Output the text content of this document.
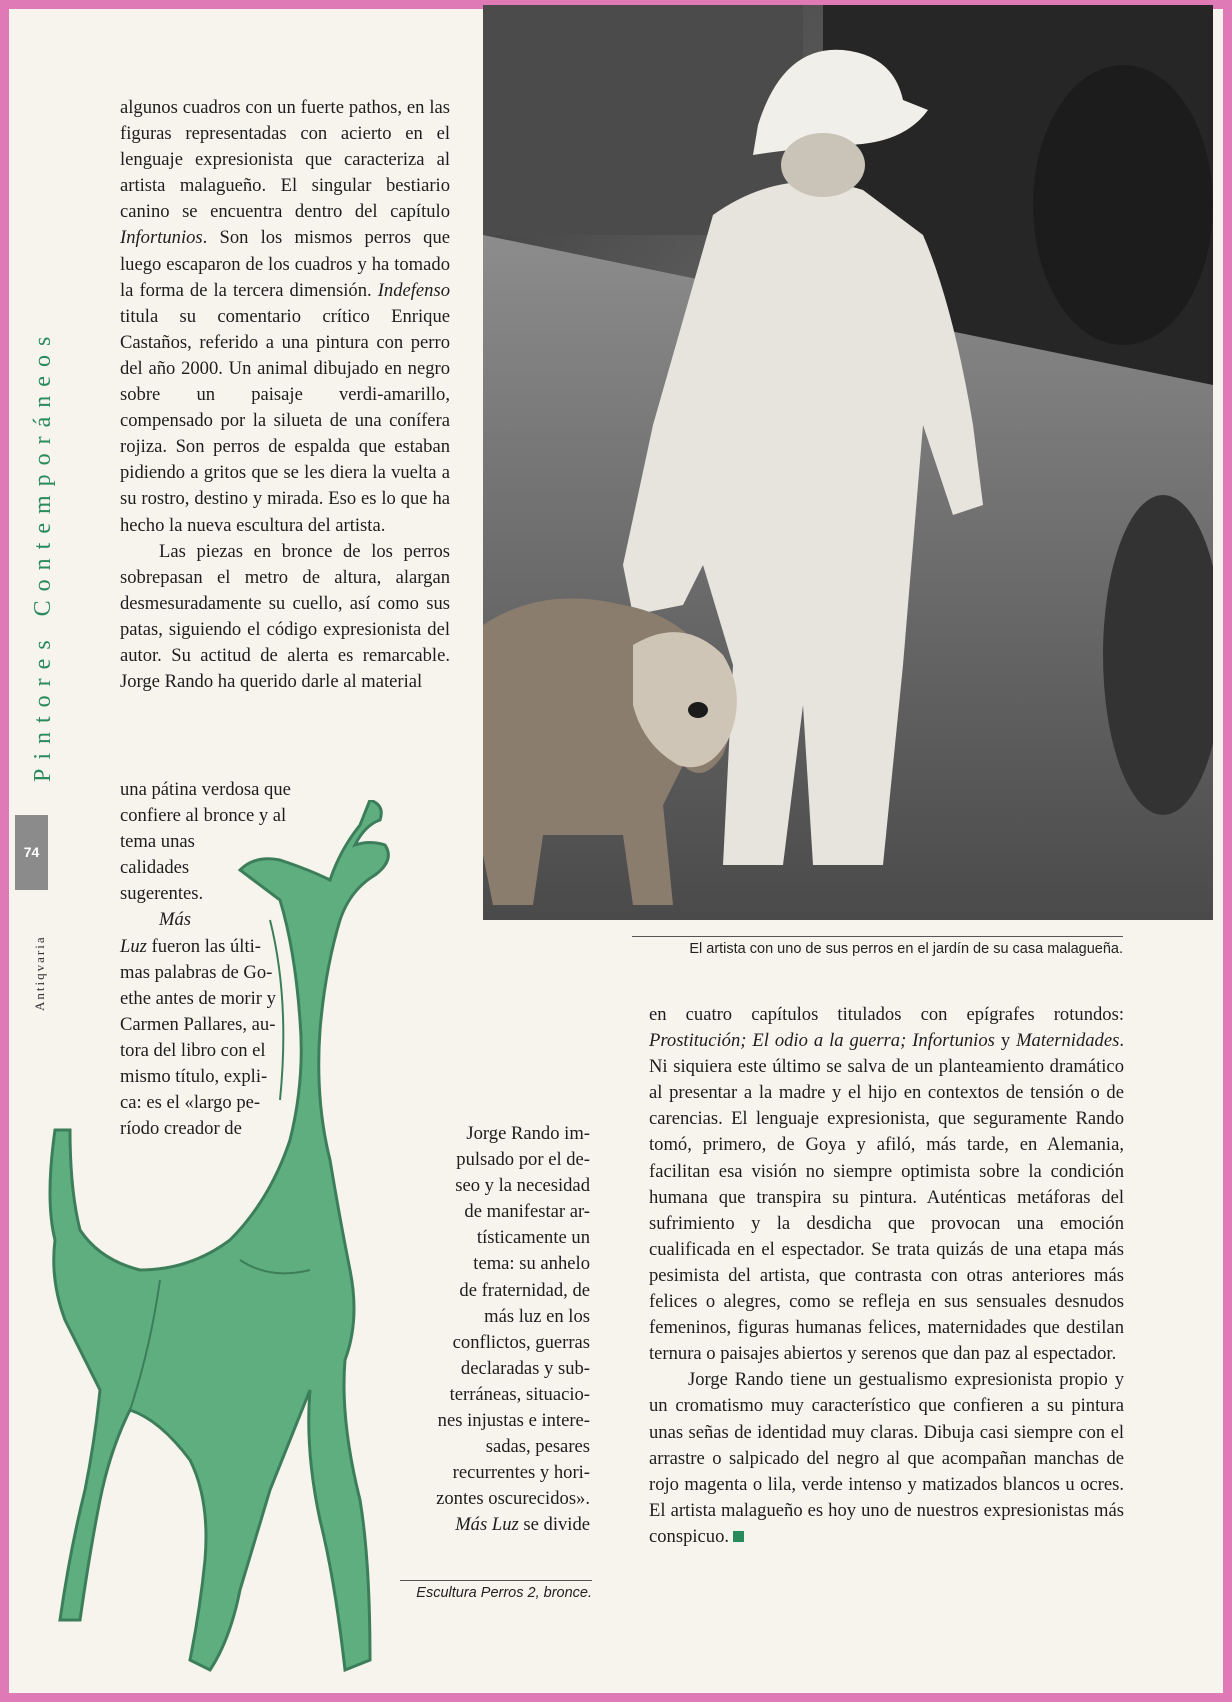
Pintores Contemporáneos
74
Antiqvaria

algunos cuadros con un fuerte pathos, en las figuras representadas con acierto en el lenguaje expresionista que caracteriza al artista malagueño. El singular bestiario canino se encuentra dentro del capítulo Infortunios. Son los mismos perros que luego escaparon de los cuadros y ha tomado la forma de la tercera dimensión. Indefenso titula su comentario crítico Enrique Castaños, referido a una pintura con perro del año 2000. Un animal dibujado en negro sobre un paisaje verdi-amarillo, compensado por la silueta de una conífera rojiza. Son perros de espalda que estaban pidiendo a gritos que se les diera la vuelta a su rostro, destino y mirada. Eso es lo que ha hecho la nueva escultura del artista.

Las piezas en bronce de los perros sobrepasan el metro de altura, alargan desmesuradamente su cuello, así como sus patas, siguiendo el código expresionista del autor. Su actitud de alerta es remarcable. Jorge Rando ha querido darle al material

una pátina verdosa que

confiere al bronce y al

tema unas

calidades

sugerentes.

Más

Luz fueron las últi-

mas palabras de Go-

ethe antes de morir y

Carmen Pallares, au-

tora del libro con el

mismo título, expli-

ca: es el «largo pe-

ríodo creador de	Jorge Rando im-

pulsado por el de-

seo y la necesidad

de manifestar ar-

tísticamente un

tema: su anhelo

de fraternidad, de

más luz en los

conflictos, guerras

declaradas y sub-

terráneas, situacio-

nes injustas e intere-

sadas, pesares

recurrentes y hori-

zontes oscurecidos».

Más Luz se divide

en cuatro capítulos titulados con epígrafes rotundos: Prostitución; El odio a la guerra; Infortunios y Maternidades. Ni siquiera este último se salva de un planteamiento dramático al presentar a la madre y el hijo en contextos de tensión o de carencias. El lenguaje expresionista, que seguramente Rando tomó, primero, de Goya y afiló, más tarde, en Alemania, facilitan esa visión no siempre optimista sobre la condición humana que transpira su pintura. Auténticas metáforas del sufrimiento y la desdicha que provocan una emoción cualificada en el espectador. Se trata quizás de una etapa más pesimista del artista, que contrasta con otras anteriores más felices o alegres, como se refleja en sus sensuales desnudos femeninos, figuras humanas felices, maternidades que destilan ternura o paisajes abiertos y serenos que dan paz al espectador.

Jorge Rando tiene un gestualismo expresionista propio y un cromatismo muy característico que confieren a su pintura unas señas de identidad muy claras. Dibuja casi siempre con el arrastre o salpicado del negro al que acompañan manchas de rojo magenta o lila, verde intenso y matizados blancos u ocres. El artista malagueño es hoy uno de nuestros expresionistas más conspicuo.

El artista con uno de sus perros en el jardín de su casa malagueña.
Escultura Perros 2, bronce.
